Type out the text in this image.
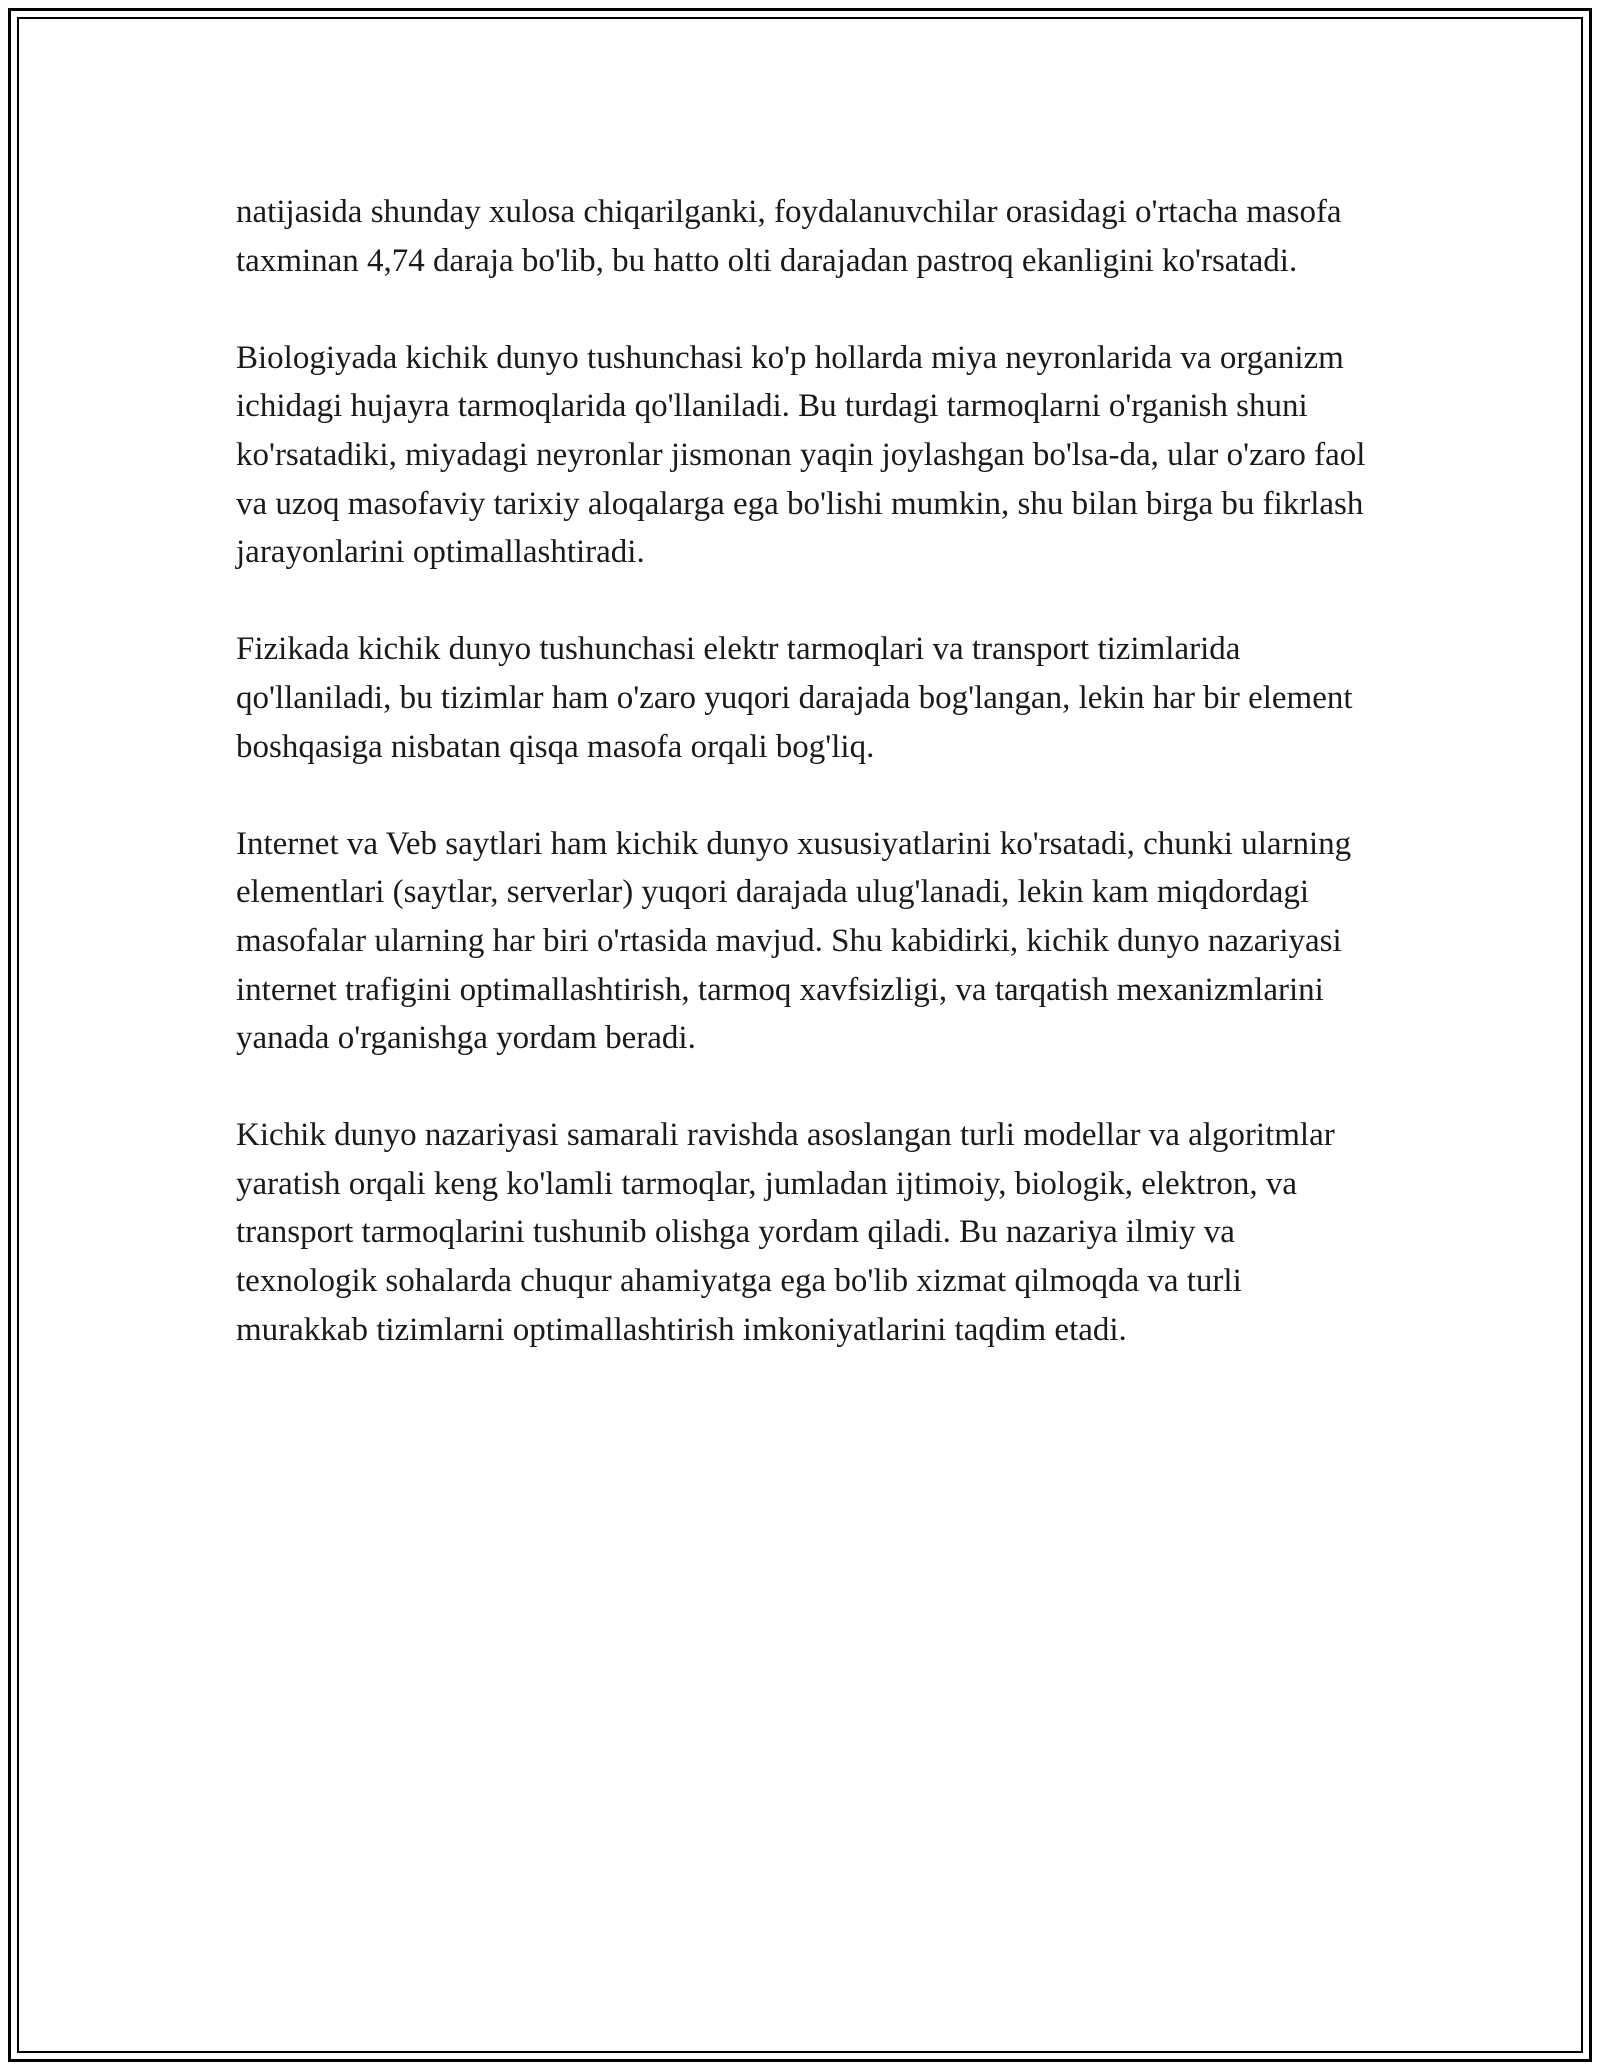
natijasida shunday xulosa chiqarilganki, foydalanuvchilar orasidagi o'rtacha masofa taxminan 4,74 daraja bo'lib, bu hatto olti darajadan pastroq ekanligini ko'rsatadi.

Biologiyada kichik dunyo tushunchasi ko'p hollarda miya neyronlarida va organizm ichidagi hujayra tarmoqlarida qo'llaniladi. Bu turdagi tarmoqlarni o'rganish shuni ko'rsatadiki, miyadagi neyronlar jismonan yaqin joylashgan bo'lsa-da, ular o'zaro faol va uzoq masofaviy tarixiy aloqalarga ega bo'lishi mumkin, shu bilan birga bu fikrlash jarayonlarini optimallashtiradi.

Fizikada kichik dunyo tushunchasi elektr tarmoqlari va transport tizimlarida qo'llaniladi, bu tizimlar ham o'zaro yuqori darajada bog'langan, lekin har bir element boshqasiga nisbatan qisqa masofa orqali bog'liq.

Internet va Veb saytlari ham kichik dunyo xususiyatlarini ko'rsatadi, chunki ularning elementlari (saytlar, serverlar) yuqori darajada ulug'lanadi, lekin kam miqdordagi masofalar ularning har biri o'rtasida mavjud. Shu kabidirki, kichik dunyo nazariyasi internet trafigini optimallashtirish, tarmoq xavfsizligi, va tarqatish mexanizmlarini yanada o'rganishga yordam beradi.

Kichik dunyo nazariyasi samarali ravishda asoslangan turli modellar va algoritmlar yaratish orqali keng ko'lamli tarmoqlar, jumladan ijtimoiy, biologik, elektron, va transport tarmoqlarini tushunib olishga yordam qiladi. Bu nazariya ilmiy va texnologik sohalarda chuqur ahamiyatga ega bo'lib xizmat qilmoqda va turli murakkab tizimlarni optimallashtirish imkoniyatlarini taqdim etadi.
